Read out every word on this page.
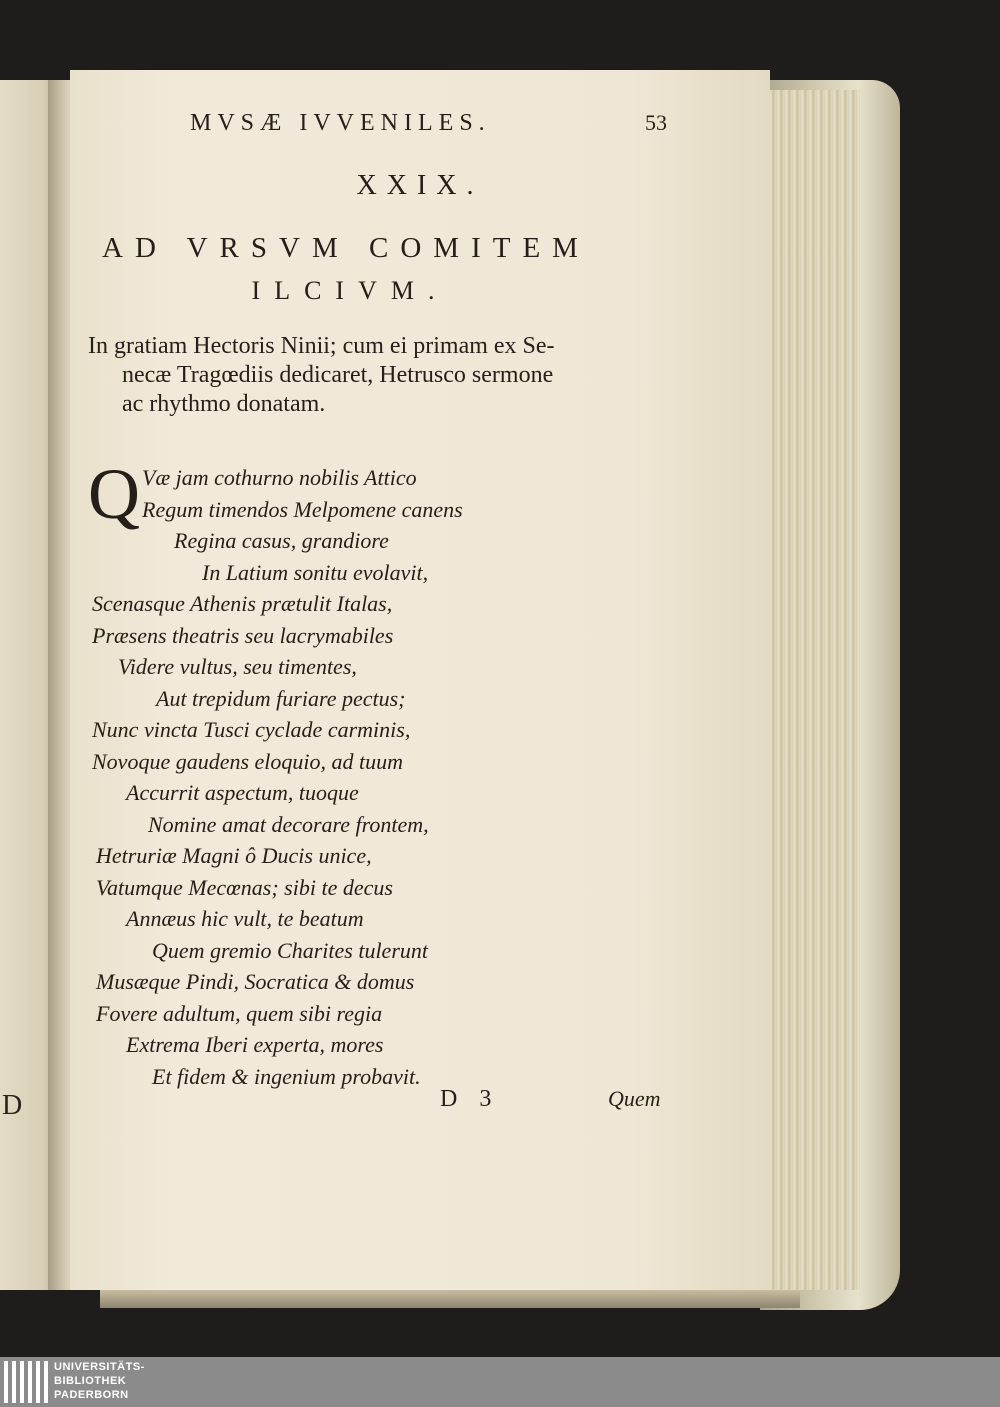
D
MVSÆ IVVENILES.	53
XXIX.
AD VRSVM COMITEM
ILCIVM.
In gratiam Hectoris Ninii; cum ei primam ex Se-
necæ Tragœdiis dedicaret, Hetrusco sermone
ac rhythmo donatam.
Q Væ jam cothurno nobilis Attico
Regum timendos Melpomene canens
Regina casus, grandiore
In Latium sonitu evolavit,
Scenasque Athenis prætulit Italas,
Præsens theatris seu lacrymabiles
Videre vultus, seu timentes,
Aut trepidum furiare pectus;
Nunc vincta Tusci cyclade carminis,
Novoque gaudens eloquio, ad tuum
Accurrit aspectum, tuoque
Nomine amat decorare frontem,
Hetruriæ Magni ô Ducis unice,
Vatumque Mecœnas; sibi te decus
Annæus hic vult, te beatum
Quem gremio Charites tulerunt
Musæque Pindi, Socratica & domus
Fovere adultum, quem sibi regia
Extrema Iberi experta, mores
Et fidem & ingenium probavit.
D 3	Quem
UNIVERSITÄTS-
BIBLIOTHEK
PADERBORN
